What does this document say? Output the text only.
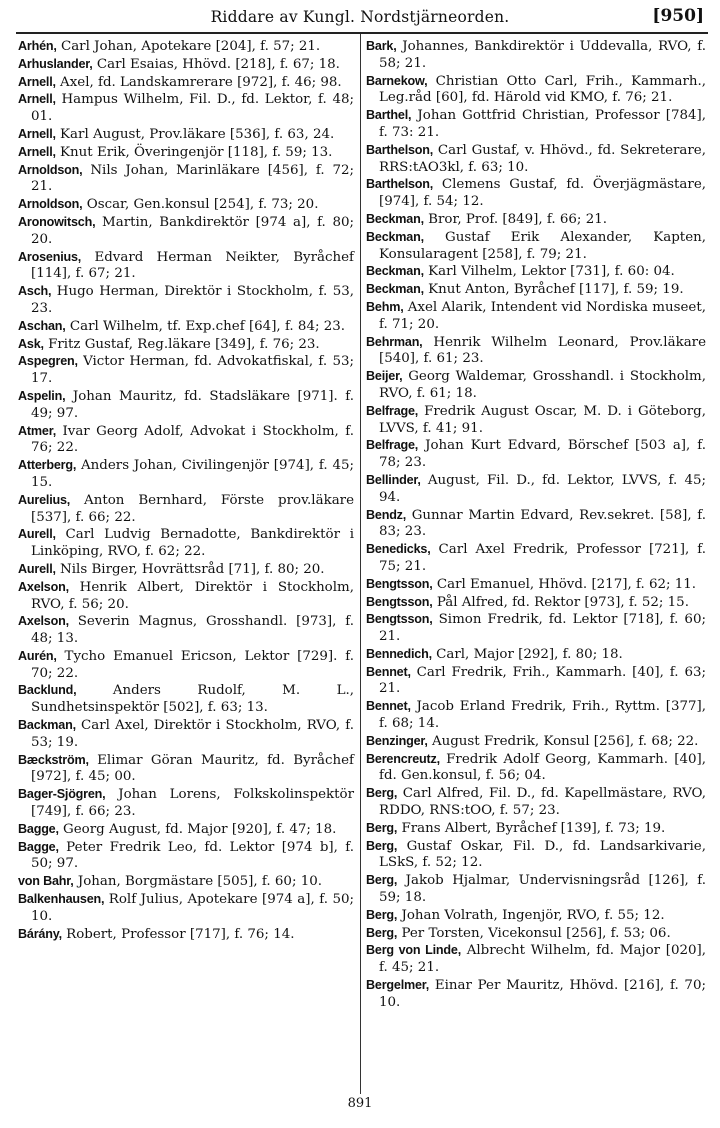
Riddare av Kungl. Nordstjärneorden.	[950]
Arhén, Carl Johan, Apotekare [204], f. 57; 21.
Arhuslander, Carl Esaias, Hhövd. [218], f. 67; 18.
Arnell, Axel, fd. Landskamrerare [972], f. 46; 98.
Arnell, Hampus Wilhelm, Fil. D., fd. Lektor, f. 48; 01.
Arnell, Karl August, Prov.läkare [536], f. 63, 24.
Arnell, Knut Erik, Överingenjör [118], f. 59; 13.
Arnoldson, Nils Johan, Marinläkare [456], f. 72; 21.
Arnoldson, Oscar, Gen.konsul [254], f. 73; 20.
Aronowitsch, Martin, Bankdirektör [974 a], f. 80; 20.
Arosenius, Edvard Herman Neikter, Byråchef [114], f. 67; 21.
Asch, Hugo Herman, Direktör i Stockholm, f. 53, 23.
Aschan, Carl Wilhelm, tf. Exp.chef [64], f. 84; 23.
Ask, Fritz Gustaf, Reg.läkare [349], f. 76; 23.
Aspegren, Victor Herman, fd. Advokatfiskal, f. 53; 17.
Aspelin, Johan Mauritz, fd. Stadsläkare [971]. f. 49; 97.
Atmer, Ivar Georg Adolf, Advokat i Stockholm, f. 76; 22.
Atterberg, Anders Johan, Civilingenjör [974], f. 45; 15.
Aurelius, Anton Bernhard, Förste prov.läkare [537], f. 66; 22.
Aurell, Carl Ludvig Bernadotte, Bankdirektör i Linköping, RVO, f. 62; 22.
Aurell, Nils Birger, Hovrättsråd [71], f. 80; 20.
Axelson, Henrik Albert, Direktör i Stockholm, RVO, f. 56; 20.
Axelson, Severin Magnus, Grosshandl. [973], f. 48; 13.
Aurén, Tycho Emanuel Ericson, Lektor [729]. f. 70; 22.
Backlund, Anders Rudolf, M. L., Sundhetsinspektör [502], f. 63; 13.
Backman, Carl Axel, Direktör i Stockholm, RVO, f. 53; 19.
Bæckström, Elimar Göran Mauritz, fd. Byråchef [972], f. 45; 00.
Bager-Sjögren, Johan Lorens, Folkskolinspektör [749], f. 66; 23.
Bagge, Georg August, fd. Major [920], f. 47; 18.
Bagge, Peter Fredrik Leo, fd. Lektor [974 b], f. 50; 97.
von Bahr, Johan, Borgmästare [505], f. 60; 10.
Balkenhausen, Rolf Julius, Apotekare [974 a], f. 50; 10.
Bárány, Robert, Professor [717], f. 76; 14.
Bark, Johannes, Bankdirektör i Uddevalla, RVO, f. 58; 21.
Barnekow, Christian Otto Carl, Frih., Kammarh., Leg.råd [60], fd. Härold vid KMO, f. 76; 21.
Barthel, Johan Gottfrid Christian, Professor [784], f. 73: 21.
Barthelson, Carl Gustaf, v. Hhövd., fd. Sekreterare, RRS:tAO3kl, f. 63; 10.
Barthelson, Clemens Gustaf, fd. Överjägmästare, [974], f. 54; 12.
Beckman, Bror, Prof. [849], f. 66; 21.
Beckman, Gustaf Erik Alexander, Kapten, Konsularagent [258], f. 79; 21.
Beckman, Karl Vilhelm, Lektor [731], f. 60: 04.
Beckman, Knut Anton, Byråchef [117], f. 59; 19.
Behm, Axel Alarik, Intendent vid Nordiska museet, f. 71; 20.
Behrman, Henrik Wilhelm Leonard, Prov.läkare [540], f. 61; 23.
Beijer, Georg Waldemar, Grosshandl. i Stockholm, RVO, f. 61; 18.
Belfrage, Fredrik August Oscar, M. D. i Göteborg, LVVS, f. 41; 91.
Belfrage, Johan Kurt Edvard, Börschef [503 a], f. 78; 23.
Bellinder, August, Fil. D., fd. Lektor, LVVS, f. 45; 94.
Bendz, Gunnar Martin Edvard, Rev.sekret. [58], f. 83; 23.
Benedicks, Carl Axel Fredrik, Professor [721], f. 75; 21.
Bengtsson, Carl Emanuel, Hhövd. [217], f. 62; 11.
Bengtsson, Pål Alfred, fd. Rektor [973], f. 52; 15.
Bengtsson, Simon Fredrik, fd. Lektor [718], f. 60; 21.
Bennedich, Carl, Major [292], f. 80; 18.
Bennet, Carl Fredrik, Frih., Kammarh. [40], f. 63; 21.
Bennet, Jacob Erland Fredrik, Frih., Ryttm. [377], f. 68; 14.
Benzinger, August Fredrik, Konsul [256], f. 68; 22.
Berencreutz, Fredrik Adolf Georg, Kammarh. [40], fd. Gen.konsul, f. 56; 04.
Berg, Carl Alfred, Fil. D., fd. Kapellmästare, RVO, RDDO, RNS:tOO, f. 57; 23.
Berg, Frans Albert, Byråchef [139], f. 73; 19.
Berg, Gustaf Oskar, Fil. D., fd. Landsarkivarie, LSkS, f. 52; 12.
Berg, Jakob Hjalmar, Undervisningsråd [126], f. 59; 18.
Berg, Johan Volrath, Ingenjör, RVO, f. 55; 12.
Berg, Per Torsten, Vicekonsul [256], f. 53; 06.
Berg von Linde, Albrecht Wilhelm, fd. Major [020], f. 45; 21.
Bergelmer, Einar Per Mauritz, Hhövd. [216], f. 70; 10.
891
